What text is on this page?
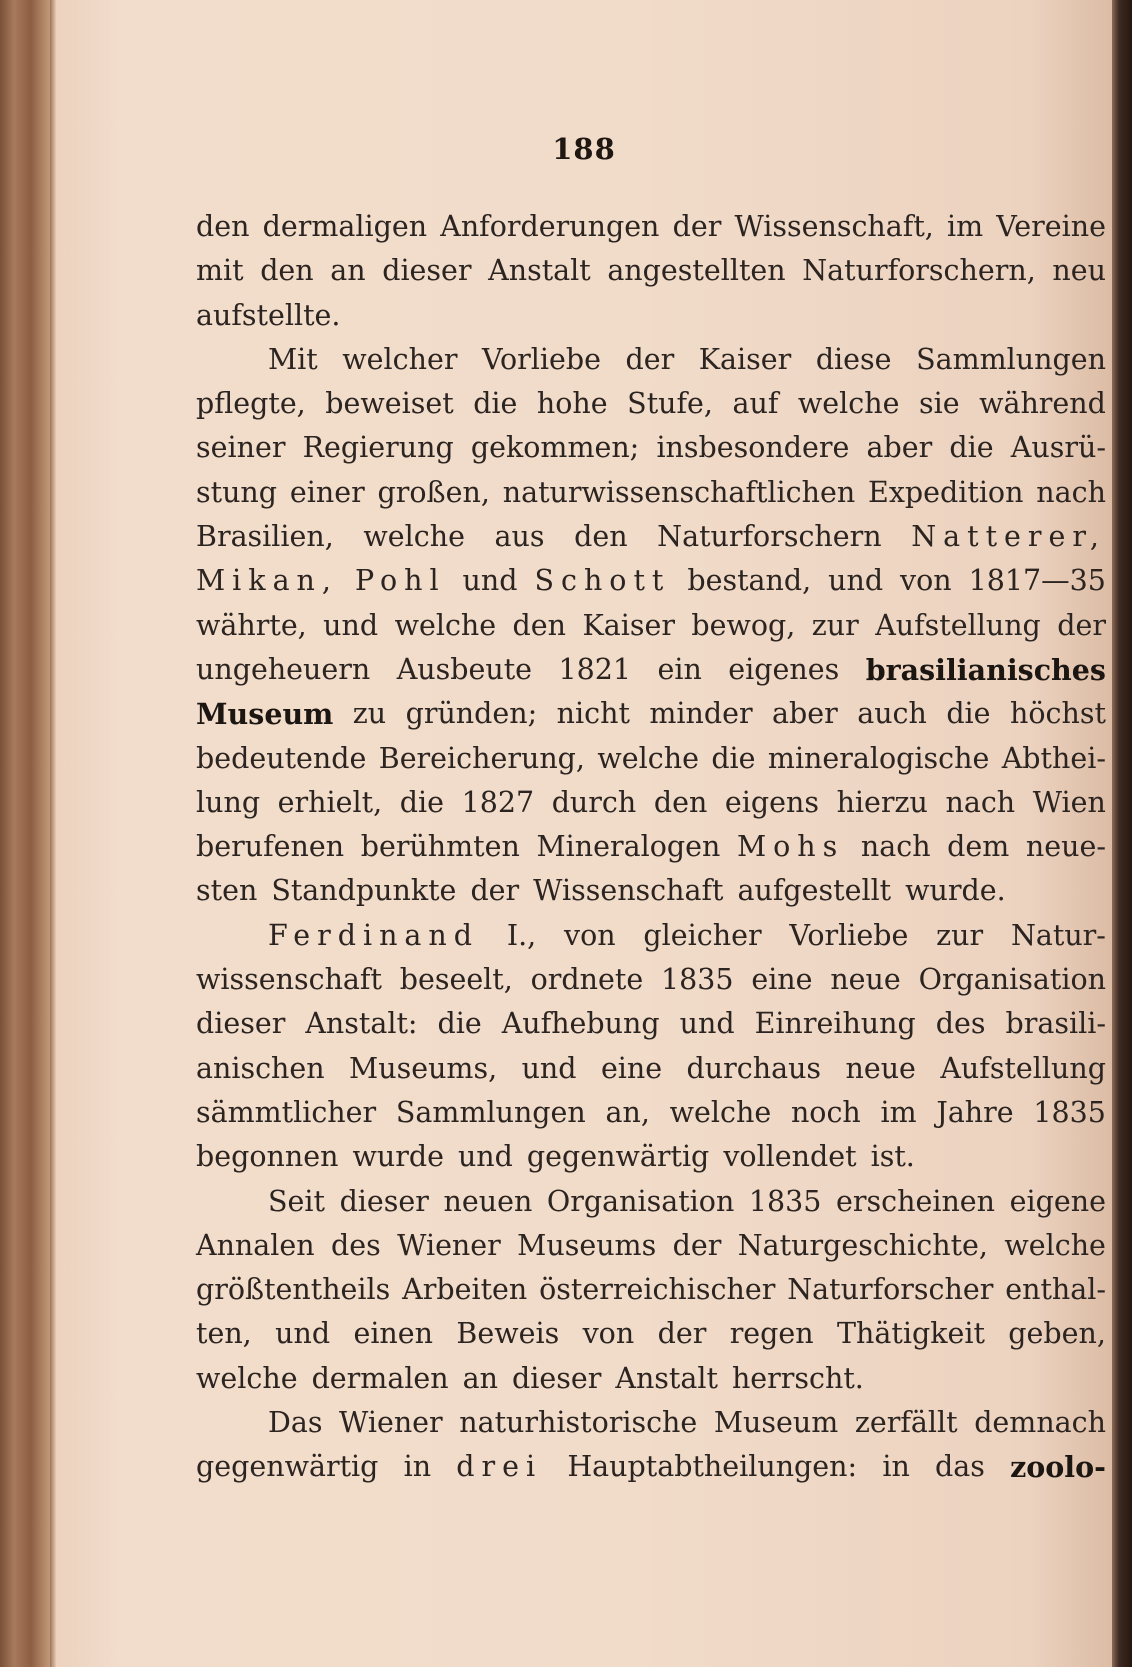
188
den dermaligen Anforderungen der Wissenschaft, im Vereine
mit den an dieser Anstalt angestellten Naturforschern, neu
aufstellte.
Mit welcher Vorliebe der Kaiser diese Sammlungen
pflegte, beweiset die hohe Stufe, auf welche sie während
seiner Regierung gekommen; insbesondere aber die Ausrü-
stung einer großen, naturwissenschaftlichen Expedition nach
Brasilien, welche aus den Naturforschern Natterer,
Mikan, Pohl und Schott bestand, und von 1817—35
währte, und welche den Kaiser bewog, zur Aufstellung der
ungeheuern Ausbeute 1821 ein eigenes brasilianisches
Museum zu gründen; nicht minder aber auch die höchst
bedeutende Bereicherung, welche die mineralogische Abthei-
lung erhielt, die 1827 durch den eigens hierzu nach Wien
berufenen berühmten Mineralogen Mohs nach dem neue-
sten Standpunkte der Wissenschaft aufgestellt wurde.
Ferdinand I., von gleicher Vorliebe zur Natur-
wissenschaft beseelt, ordnete 1835 eine neue Organisation
dieser Anstalt: die Aufhebung und Einreihung des brasili-
anischen Museums, und eine durchaus neue Aufstellung
sämmtlicher Sammlungen an, welche noch im Jahre 1835
begonnen wurde und gegenwärtig vollendet ist.
Seit dieser neuen Organisation 1835 erscheinen eigene
Annalen des Wiener Museums der Naturgeschichte, welche
größtentheils Arbeiten österreichischer Naturforscher enthal-
ten, und einen Beweis von der regen Thätigkeit geben,
welche dermalen an dieser Anstalt herrscht.
Das Wiener naturhistorische Museum zerfällt demnach
gegenwärtig in drei Hauptabtheilungen: in das zoolo-
